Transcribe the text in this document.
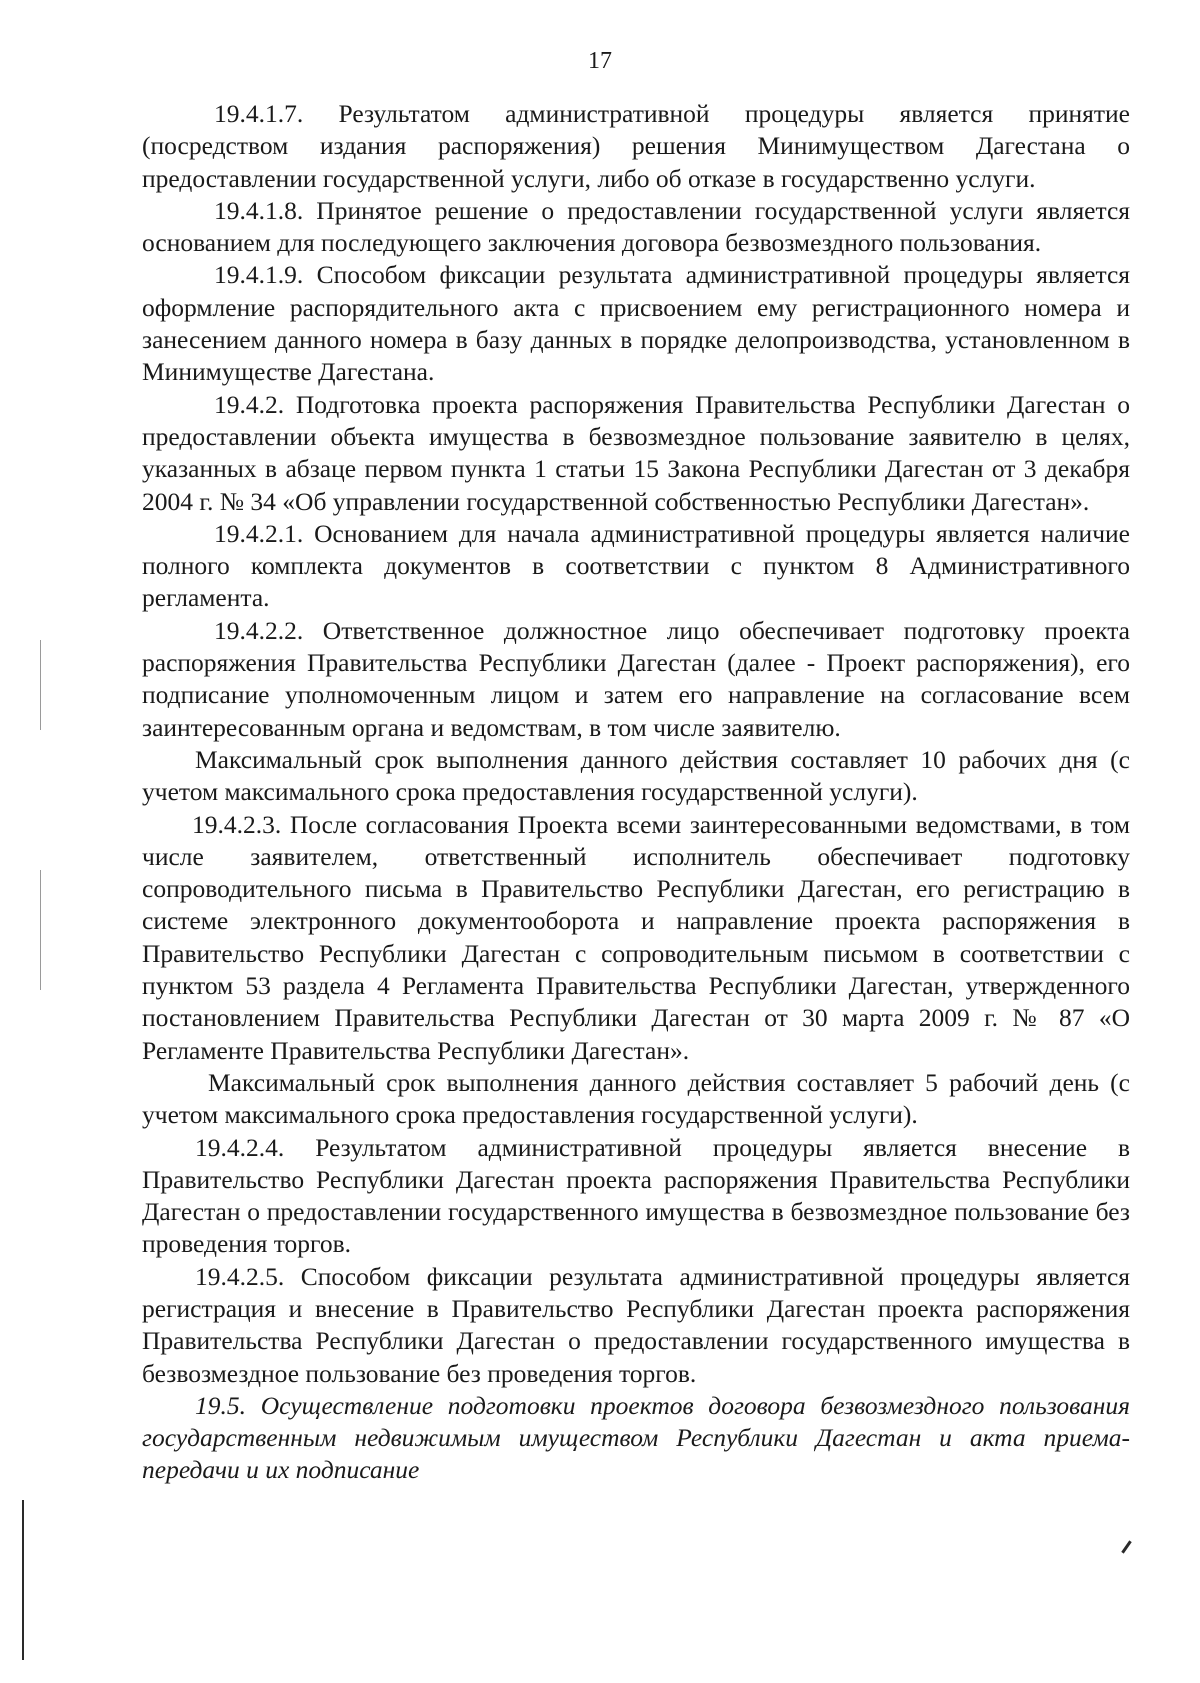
17

19.4.1.7. Результатом административной процедуры является принятие (посредством издания распоряжения) решения Минимуществом Дагестана о предоставлении государственной услуги, либо об отказе в государственно услуги.

19.4.1.8. Принятое решение о предоставлении государственной услуги является основанием для последующего заключения договора безвозмездного пользования.

19.4.1.9. Способом фиксации результата административной процедуры является оформление распорядительного акта с присвоением ему регистрационного номера и занесением данного номера в базу данных в порядке делопроизводства, установленном в Минимуществе Дагестана.

19.4.2. Подготовка проекта распоряжения Правительства Республики Дагестан о предоставлении объекта имущества в безвозмездное пользование заявителю в целях, указанных в абзаце первом пункта 1 статьи 15 Закона Республики Дагестан от 3 декабря 2004 г. № 34 «Об управлении государственной собственностью Республики Дагестан».

19.4.2.1. Основанием для начала административной процедуры является наличие полного комплекта документов в соответствии с пунктом 8 Административного регламента.

19.4.2.2. Ответственное должностное лицо обеспечивает подготовку проекта распоряжения Правительства Республики Дагестан (далее - Проект распоряжения), его подписание уполномоченным лицом и затем его направление на согласование всем заинтересованным органа и ведомствам, в том числе заявителю.

Максимальный срок выполнения данного действия составляет 10 рабочих дня (с учетом максимального срока предоставления государственной услуги).

19.4.2.3. После согласования Проекта всеми заинтересованными ведомствами, в том числе заявителем, ответственный исполнитель обеспечивает подготовку сопроводительного письма в Правительство Республики Дагестан, его регистрацию в системе электронного документооборота и направление проекта распоряжения в Правительство Республики Дагестан с сопроводительным письмом в соответствии с пунктом 53 раздела 4 Регламента Правительства Республики Дагестан, утвержденного постановлением Правительства Республики Дагестан от 30 марта 2009 г. № 87 «О Регламенте Правительства Республики Дагестан».

Максимальный срок выполнения данного действия составляет 5 рабочий день (с учетом максимального срока предоставления государственной услуги).

19.4.2.4. Результатом административной процедуры является внесение в Правительство Республики Дагестан проекта распоряжения Правительства Республики Дагестан о предоставлении государственного имущества в безвозмездное пользование без проведения торгов.

19.4.2.5. Способом фиксации результата административной процедуры является регистрация и внесение в Правительство Республики Дагестан проекта распоряжения Правительства Республики Дагестан о предоставлении государственного имущества в безвозмездное пользование без проведения торгов.

19.5. Осуществление подготовки проектов договора безвозмездного пользования государственным недвижимым имуществом Республики Дагестан и акта приема-передачи и их подписание
